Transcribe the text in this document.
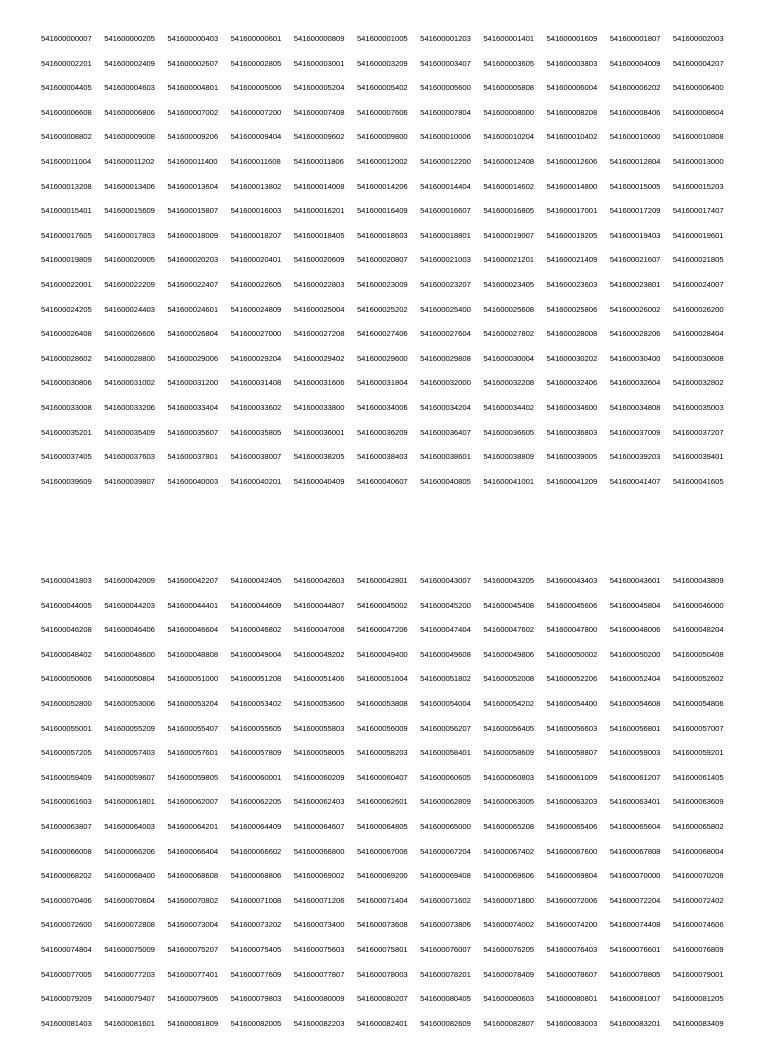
541600000007 541600000205 541600000403 541600000601 541600000809 541600001005 541600001203 541600001401 541600001609 541600001807 541600002003
541600002201 541600002409 541600002607 541600002805 541600003001 541600003209 541600003407 541600003605 541600003803 541600004009 541600004207
541600004405 541600004603 541600004801 541600005006 541600005204 541600005402 541600005600 541600005808 541600006004 541600006202 541600006400
541600006608 541600006806 541600007002 541600007200 541600007408 541600007606 541600007804 541600008000 541600008208 541600008406 541600008604
541600008802 541600009008 541600009206 541600009404 541600009602 541600009800 541600010006 541600010204 541600010402 541600010600 541600010808
541600011004 541600011202 541600011400 541600011608 541600011806 541600012002 541600012200 541600012408 541600012606 541600012804 541600013000
541600013208 541600013406 541600013604 541600013802 541600014008 541600014206 541600014404 541600014602 541600014800 541600015005 541600015203
541600015401 541600015609 541600015807 541600016003 541600016201 541600016409 541600016607 541600016805 541600017001 541600017209 541600017407
541600017605 541600017803 541600018009 541600018207 541600018405 541600018603 541600018801 541600019007 541600019205 541600019403 541600019601
541600019809 541600020005 541600020203 541600020401 541600020609 541600020807 541600021003 541600021201 541600021409 541600021607 541600021805
541600022001 541600022209 541600022407 541600022605 541600022803 541600023009 541600023207 541600023405 541600023603 541600023801 541600024007
541600024205 541600024403 541600024601 541600024809 541600025004 541600025202 541600025400 541600025608 541600025806 541600026002 541600026200
541600026408 541600026606 541600026804 541600027000 541600027208 541600027406 541600027604 541600027802 541600028008 541600028206 541600028404
541600028602 541600028800 541600029006 541600029204 541600029402 541600029600 541600029808 541600030004 541600030202 541600030400 541600030608
541600030806 541600031002 541600031200 541600031408 541600031606 541600031804 541600032000 541600032208 541600032406 541600032604 541600032802
541600033008 541600033206 541600033404 541600033602 541600033800 541600034006 541600034204 541600034402 541600034600 541600034808 541600035003
541600035201 541600035409 541600035607 541600035805 541600036001 541600036209 541600036407 541600036605 541600036803 541600037009 541600037207
541600037405 541600037603 541600037801 541600038007 541600038205 541600038403 541600038601 541600038809 541600039005 541600039203 541600039401
541600039609 541600039807 541600040003 541600040201 541600040409 541600040607 541600040805 541600041001 541600041209 541600041407 541600041605
541600041803 541600042009 541600042207 541600042405 541600042603 541600042801 541600043007 541600043205 541600043403 541600043601 541600043809
541600044005 541600044203 541600044401 541600044609 541600044807 541600045002 541600045200 541600045408 541600045606 541600045804 541600046000
541600046208 541600046406 541600046604 541600046802 541600047008 541600047206 541600047404 541600047602 541600047800 541600048006 541600048204
541600048402 541600048600 541600048808 541600049004 541600049202 541600049400 541600049608 541600049806 541600050002 541600050200 541600050408
541600050606 541600050804 541600051000 541600051208 541600051406 541600051604 541600051802 541600052008 541600052206 541600052404 541600052602
541600052800 541600053006 541600053204 541600053402 541600053600 541600053808 541600054004 541600054202 541600054400 541600054608 541600054806
541600055001 541600055209 541600055407 541600055605 541600055803 541600056009 541600056207 541600056405 541600056603 541600056801 541600057007
541600057205 541600057403 541600057601 541600057809 541600058005 541600058203 541600058401 541600058609 541600058807 541600059003 541600059201
541600059409 541600059607 541600059805 541600060001 541600060209 541600060407 541600060605 541600060803 541600061009 541600061207 541600061405
541600061603 541600061801 541600062007 541600062205 541600062403 541600062601 541600062809 541600063005 541600063203 541600063401 541600063609
541600063807 541600064003 541600064201 541600064409 541600064607 541600064805 541600065000 541600065208 541600065406 541600065604 541600065802
541600066008 541600066206 541600066404 541600066602 541600066800 541600067006 541600067204 541600067402 541600067600 541600067808 541600068004
541600068202 541600068400 541600068608 541600068806 541600069002 541600069200 541600069408 541600069606 541600069804 541600070000 541600070208
541600070406 541600070604 541600070802 541600071008 541600071206 541600071404 541600071602 541600071800 541600072006 541600072204 541600072402
541600072600 541600072808 541600073004 541600073202 541600073400 541600073608 541600073806 541600074002 541600074200 541600074408 541600074606
541600074804 541600075009 541600075207 541600075405 541600075603 541600075801 541600076007 541600076205 541600076403 541600076601 541600076809
541600077005 541600077203 541600077401 541600077609 541600077807 541600078003 541600078201 541600078409 541600078607 541600078805 541600079001
541600079209 541600079407 541600079605 541600079803 541600080009 541600080207 541600080405 541600080603 541600080801 541600081007 541600081205
541600081403 541600081601 541600081809 541600082005 541600082203 541600082401 541600082609 541600082807 541600083003 541600083201 541600083409
